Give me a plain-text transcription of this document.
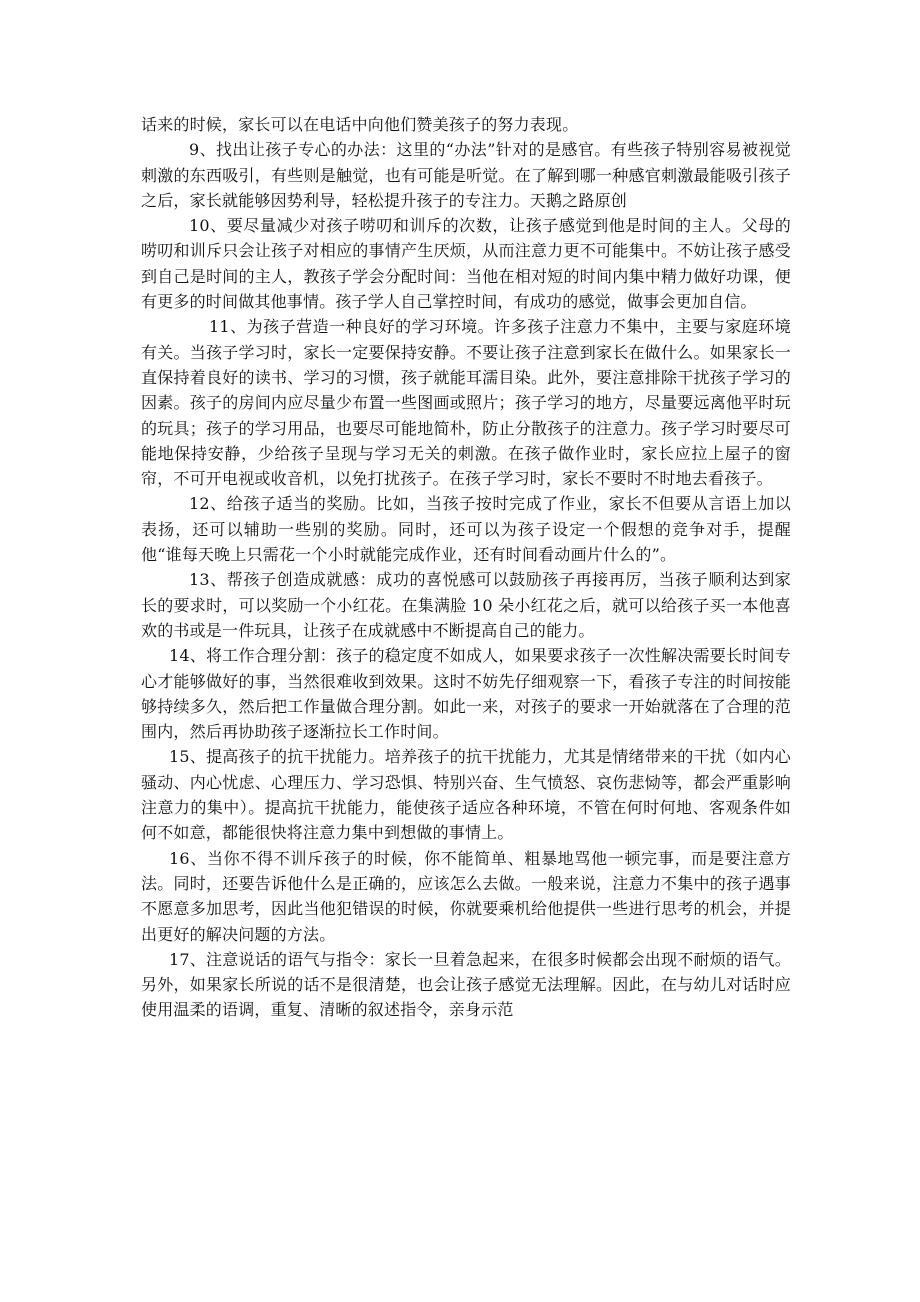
话来的时候，家长可以在电话中向他们赞美孩子的努力表现。

9、找出让孩子专心的办法：这里的“办法”针对的是感官。有些孩子特别容易被视觉刺激的东西吸引，有些则是触觉，也有可能是听觉。在了解到哪一种感官刺激最能吸引孩子之后，家长就能够因势利导，轻松提升孩子的专注力。天鹅之路原创

10、要尽量减少对孩子唠叨和训斥的次数，让孩子感觉到他是时间的主人。父母的唠叨和训斥只会让孩子对相应的事情产生厌烦，从而注意力更不可能集中。不妨让孩子感受到自己是时间的主人，教孩子学会分配时间：当他在相对短的时间内集中精力做好功课，便有更多的时间做其他事情。孩子学人自己掌控时间，有成功的感觉，做事会更加自信。

11、为孩子营造一种良好的学习环境。许多孩子注意力不集中，主要与家庭环境有关。当孩子学习时，家长一定要保持安静。不要让孩子注意到家长在做什么。如果家长一直保持着良好的读书、学习的习惯，孩子就能耳濡目染。此外，要注意排除干扰孩子学习的因素。孩子的房间内应尽量少布置一些图画或照片；孩子学习的地方，尽量要远离他平时玩的玩具；孩子的学习用品，也要尽可能地简朴，防止分散孩子的注意力。孩子学习时要尽可能地保持安静，少给孩子呈现与学习无关的刺激。在孩子做作业时，家长应拉上屋子的窗帘，不可开电视或收音机，以免打扰孩子。在孩子学习时，家长不要时不时地去看孩子。

12、给孩子适当的奖励。比如，当孩子按时完成了作业，家长不但要从言语上加以表扬，还可以辅助一些别的奖励。同时，还可以为孩子设定一个假想的竞争对手，提醒他“谁每天晚上只需花一个小时就能完成作业，还有时间看动画片什么的”。

13、帮孩子创造成就感：成功的喜悦感可以鼓励孩子再接再厉，当孩子顺利达到家长的要求时，可以奖励一个小红花。在集满脸 10 朵小红花之后，就可以给孩子买一本他喜欢的书或是一件玩具，让孩子在成就感中不断提高自己的能力。

14、将工作合理分割：孩子的稳定度不如成人，如果要求孩子一次性解决需要长时间专心才能够做好的事，当然很难收到效果。这时不妨先仔细观察一下，看孩子专注的时间按能够持续多久，然后把工作量做合理分割。如此一来，对孩子的要求一开始就落在了合理的范围内，然后再协助孩子逐渐拉长工作时间。

15、提高孩子的抗干扰能力。培养孩子的抗干扰能力，尤其是情绪带来的干扰（如内心骚动、内心忧虑、心理压力、学习恐惧、特别兴奋、生气愤怒、哀伤悲恸等，都会严重影响注意力的集中）。提高抗干扰能力，能使孩子适应各种环境，不管在何时何地、客观条件如何不如意，都能很快将注意力集中到想做的事情上。

16、当你不得不训斥孩子的时候，你不能简单、粗暴地骂他一顿完事，而是要注意方法。同时，还要告诉他什么是正确的，应该怎么去做。一般来说，注意力不集中的孩子遇事不愿意多加思考，因此当他犯错误的时候，你就要乘机给他提供一些进行思考的机会，并提出更好的解决问题的方法。

17、注意说话的语气与指令：家长一旦着急起来，在很多时候都会出现不耐烦的语气。另外，如果家长所说的话不是很清楚，也会让孩子感觉无法理解。因此，在与幼儿对话时应使用温柔的语调，重复、清晰的叙述指令，亲身示范
